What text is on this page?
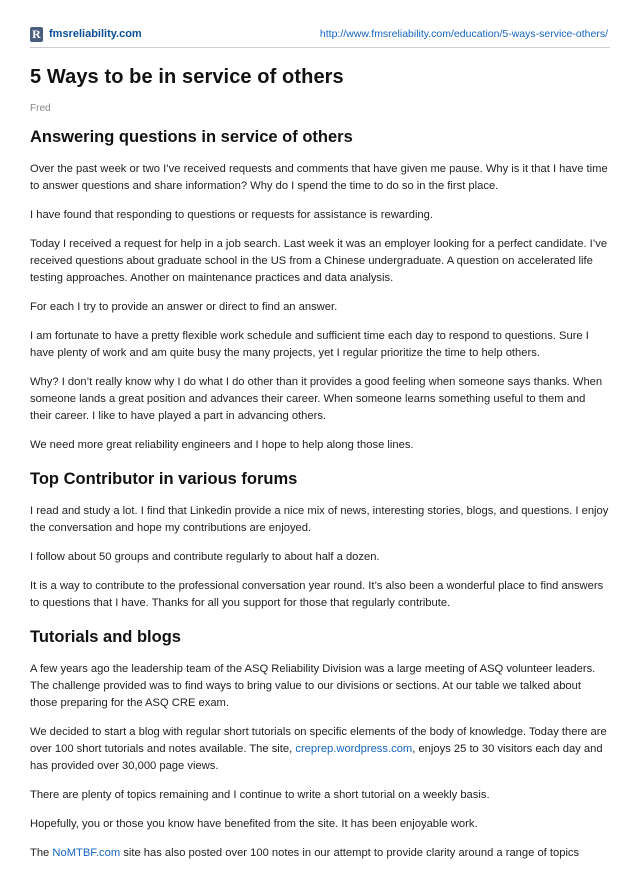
R fmsreliability.com	http://www.fmsreliability.com/education/5-ways-service-others/
5 Ways to be in service of others
Fred
Answering questions in service of others

Over the past week or two I’ve received requests and comments that have given me pause. Why is it that I have time to answer questions and share information? Why do I spend the time to do so in the first place.

I have found that responding to questions or requests for assistance is rewarding.

Today I received a request for help in a job search. Last week it was an employer looking for a perfect candidate. I’ve received questions about graduate school in the US from a Chinese undergraduate. A question on accelerated life testing approaches. Another on maintenance practices and data analysis.

For each I try to provide an answer or direct to find an answer.

I am fortunate to have a pretty flexible work schedule and sufficient time each day to respond to questions. Sure I have plenty of work and am quite busy the many projects, yet I regular prioritize the time to help others.

Why? I don’t really know why I do what I do other than it provides a good feeling when someone says thanks. When someone lands a great position and advances their career. When someone learns something useful to them and their career. I like to have played a part in advancing others.

We need more great reliability engineers and I hope to help along those lines.

Top Contributor in various forums

I read and study a lot. I find that Linkedin provide a nice mix of news, interesting stories, blogs, and questions. I enjoy the conversation and hope my contributions are enjoyed.

I follow about 50 groups and contribute regularly to about half a dozen.

It is a way to contribute to the professional conversation year round. It’s also been a wonderful place to find answers to questions that I have. Thanks for all you support for those that regularly contribute.

Tutorials and blogs

A few years ago the leadership team of the ASQ Reliability Division was a large meeting of ASQ volunteer leaders. The challenge provided was to find ways to bring value to our divisions or sections. At our table we talked about those preparing for the ASQ CRE exam.

We decided to start a blog with regular short tutorials on specific elements of the body of knowledge. Today there are over 100 short tutorials and notes available. The site, creprep.wordpress.com, enjoys 25 to 30 visitors each day and has provided over 30,000 page views.

There are plenty of topics remaining and I continue to write a short tutorial on a weekly basis.

Hopefully, you or those you know have benefited from the site. It has been enjoyable work.

The NoMTBF.com site has also posted over 100 notes in our attempt to provide clarity around a range of topics
